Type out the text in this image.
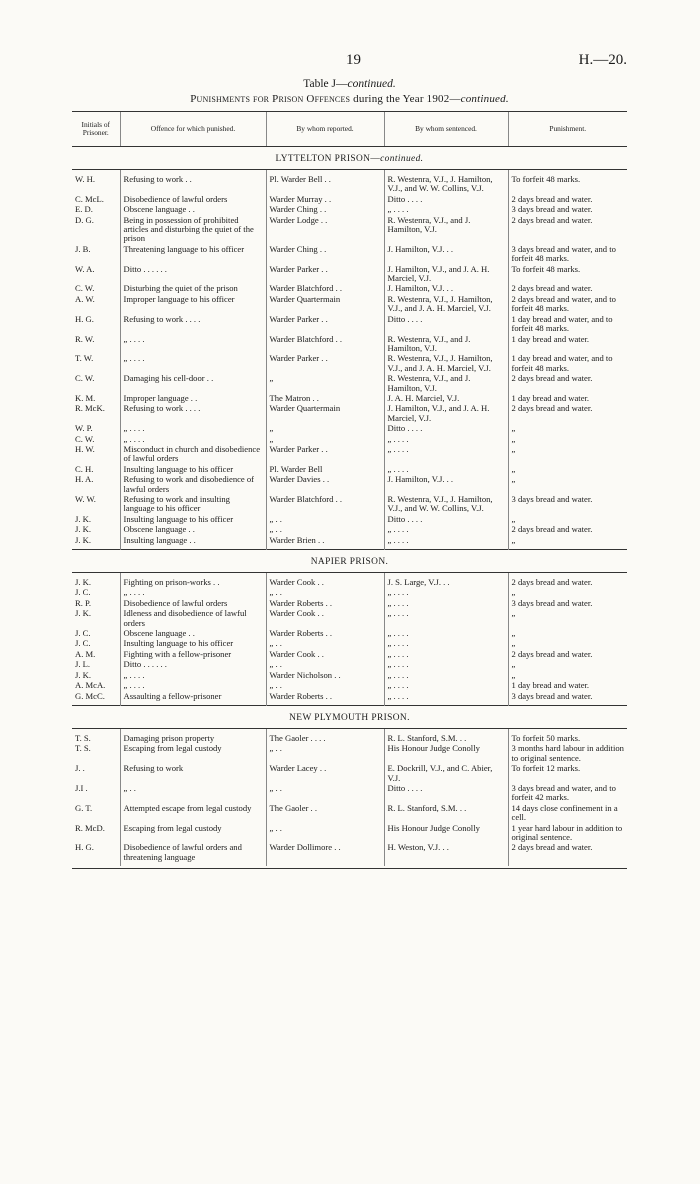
19	H.—20.
Table J—continued.
Punishments for Prison Offences during the Year 1902—continued.
Initials of Prisoner.	Offence for which punished.	By whom reported.	By whom sentenced.	Punishment.
LYTTELTON PRISON—continued.				

W. H.	Refusing to work . .	Pl. Warder Bell . .	R. Westenra, V.J., J. Hamilton, V.J., and W. W. Collins, V.J.	To forfeit 48 marks.
C. McL.	Disobedience of lawful orders	Warder Murray . .	Ditto . . . .	2 days bread and water.
E. D.	Obscene language . .	Warder Ching . .	„ . . . .	3 days bread and water.
D. G.	Being in possession of prohibited articles and disturbing the quiet of the prison	Warder Lodge . .	R. Westenra, V.J., and J. Hamilton, V.J.	2 days bread and water.
J. B.	Threatening language to his officer	Warder Ching . .	J. Hamilton, V.J. . .	3 days bread and water, and to forfeit 48 marks.
W. A.	Ditto . . . . . .	Warder Parker . .	J. Hamilton, V.J., and J. A. H. Marciel, V.J.	To forfeit 48 marks.
C. W.	Disturbing the quiet of the prison	Warder Blatchford . .	J. Hamilton, V.J. . .	2 days bread and water.
A. W.	Improper language to his officer	Warder Quartermain	R. Westenra, V.J., J. Hamilton, V.J., and J. A. H. Marciel, V.J.	2 days bread and water, and to forfeit 48 marks.
H. G.	Refusing to work . . . .	Warder Parker . .	Ditto . . . .	1 day bread and water, and to forfeit 48 marks.
R. W.	„ . . . .	Warder Blatchford . .	R. Westenra, V.J., and J. Hamilton, V.J.	1 day bread and water.
T. W.	„ . . . .	Warder Parker . .	R. Westenra, V.J., J. Hamilton, V.J., and J. A. H. Marciel, V.J.	1 day bread and water, and to forfeit 48 marks.
C. W.	Damaging his cell-door . .	„	R. Westenra, V.J., and J. Hamilton, V.J.	2 days bread and water.
K. M.	Improper language . .	The Matron . .	J. A. H. Marciel, V.J.	1 day bread and water.
R. McK.	Refusing to work . . . .	Warder Quartermain	J. Hamilton, V.J., and J. A. H. Marciel, V.J.	2 days bread and water.
W. P.	„ . . . .	„	Ditto . . . .	„
C. W.	„ . . . .	„	„ . . . .	„
H. W.	Misconduct in church and disobedience of lawful orders	Warder Parker . .	„ . . . .	„
C. H.	Insulting language to his officer	Pl. Warder Bell	„ . . . .	„
H. A.	Refusing to work and disobedience of lawful orders	Warder Davies . .	J. Hamilton, V.J. . .	„
W. W.	Refusing to work and insulting language to his officer	Warder Blatchford . .	R. Westenra, V.J., J. Hamilton, V.J., and W. W. Collins, V.J.	3 days bread and water.
J. K.	Insulting language to his officer	„ . .	Ditto . . . .	„
J. K.	Obscene language . .	„ . .	„ . . . .	2 days bread and water.
J. K.	Insulting language . .	Warder Brien . .	„ . . . .	„

NAPIER PRISON.				

J. K.	Fighting on prison-works . .	Warder Cook . .	J. S. Large, V.J. . .	2 days bread and water.
J. C.	„ . . . .	„ . .	„ . . . .	„
R. P.	Disobedience of lawful orders	Warder Roberts . .	„ . . . .	3 days bread and water.
J. K.	Idleness and disobedience of lawful orders	Warder Cook . .	„ . . . .	„
J. C.	Obscene language . .	Warder Roberts . .	„ . . . .	„
J. C.	Insulting language to his officer	„ . .	„ . . . .	„
A. M.	Fighting with a fellow-prisoner	Warder Cook . .	„ . . . .	2 days bread and water.
J. L.	Ditto . . . . . .	„ . .	„ . . . .	„
J. K.	„ . . . .	Warder Nicholson . .	„ . . . .	„
A. McA.	„ . . . .	„ . .	„ . . . .	1 day bread and water.
G. McC.	Assaulting a fellow-prisoner	Warder Roberts . .	„ . . . .	3 days bread and water.

NEW PLYMOUTH PRISON.				

T. S.	Damaging prison property	The Gaoler . . . .	R. L. Stanford, S.M. . .	To forfeit 50 marks.
T. S.	Escaping from legal custody	„ . .	His Honour Judge Conolly	3 months hard labour in addition to original sentence.
J. .	Refusing to work	Warder Lacey . .	E. Dockrill, V.J., and C. Abier, V.J.	To forfeit 12 marks.
J.I .	„ . .	„ . .	Ditto . . . .	3 days bread and water, and to forfeit 42 marks.
G. T.	Attempted escape from legal custody	The Gaoler . .	R. L. Stanford, S.M. . .	14 days close confinement in a cell.
R. McD.	Escaping from legal custody	„ . .	His Honour Judge Conolly	1 year hard labour in addition to original sentence.
H. G.	Disobedience of lawful orders and threatening language	Warder Dollimore . .	H. Weston, V.J. . .	2 days bread and water.
